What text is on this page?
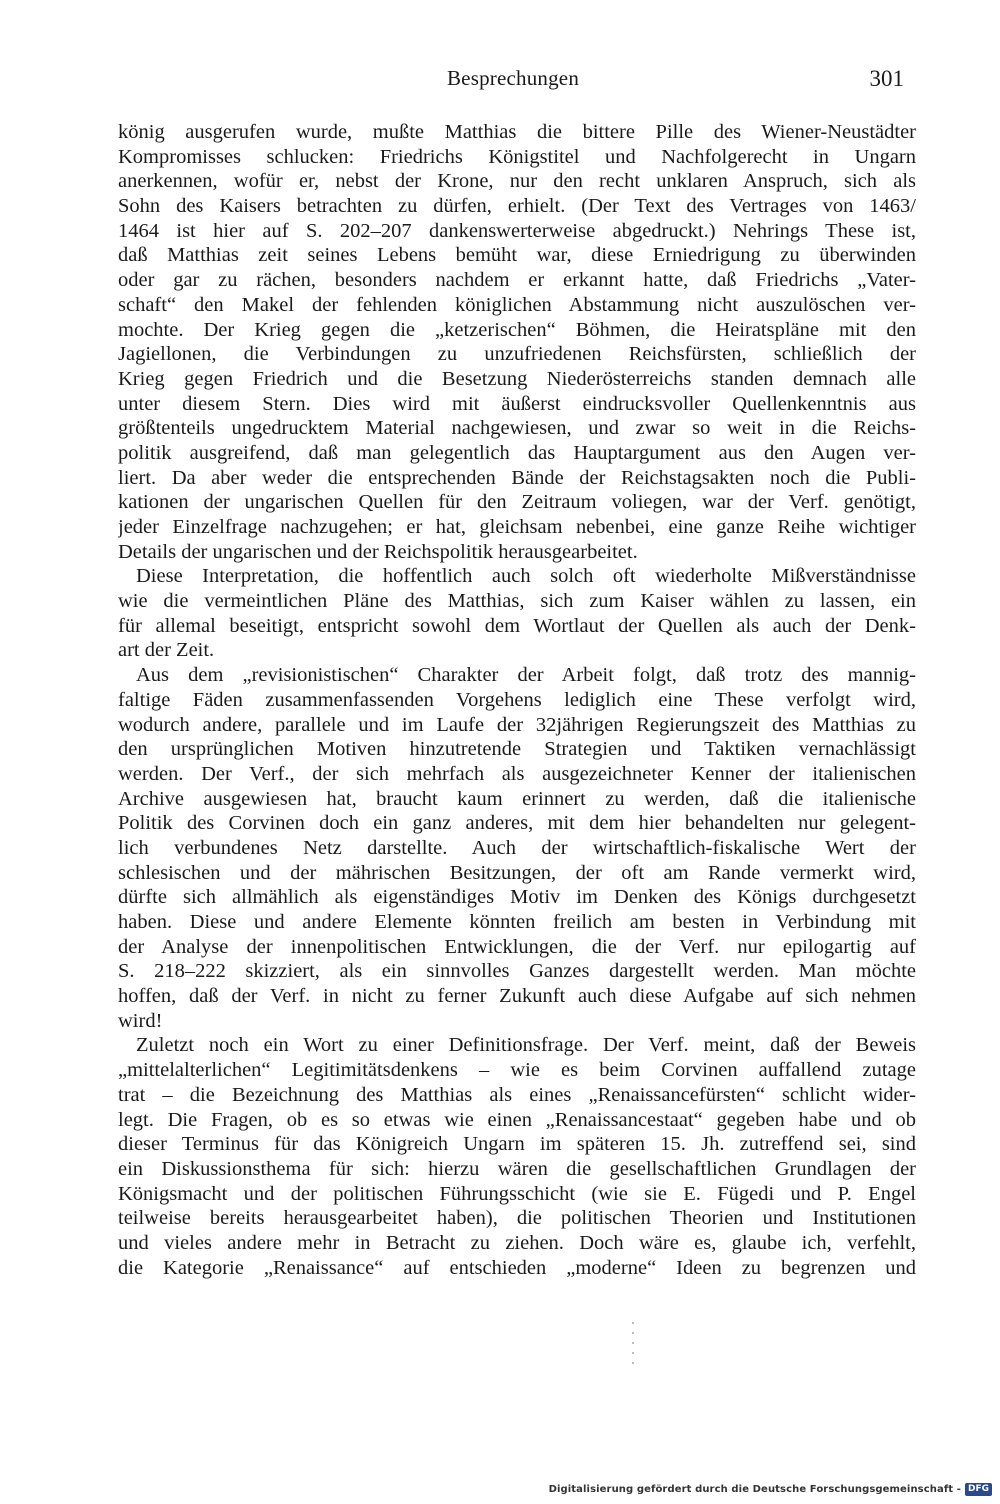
Besprechungen	301
könig ausgerufen wurde, mußte Matthias die bittere Pille des Wiener-Neustädter
Kompromisses schlucken: Friedrichs Königstitel und Nachfolgerecht in Ungarn
anerkennen, wofür er, nebst der Krone, nur den recht unklaren Anspruch, sich als
Sohn des Kaisers betrachten zu dürfen, erhielt. (Der Text des Vertrages von 1463/
1464 ist hier auf S. 202–207 dankenswerterweise abgedruckt.) Nehrings These ist,
daß Matthias zeit seines Lebens bemüht war, diese Erniedrigung zu überwinden
oder gar zu rächen, besonders nachdem er erkannt hatte, daß Friedrichs „Vater-
schaft“ den Makel der fehlenden königlichen Abstammung nicht auszulöschen ver-
mochte. Der Krieg gegen die „ketzerischen“ Böhmen, die Heiratspläne mit den
Jagiellonen, die Verbindungen zu unzufriedenen Reichsfürsten, schließlich der
Krieg gegen Friedrich und die Besetzung Niederösterreichs standen demnach alle
unter diesem Stern. Dies wird mit äußerst eindrucksvoller Quellenkenntnis aus
größtenteils ungedrucktem Material nachgewiesen, und zwar so weit in die Reichs-
politik ausgreifend, daß man gelegentlich das Hauptargument aus den Augen ver-
liert. Da aber weder die entsprechenden Bände der Reichstagsakten noch die Publi-
kationen der ungarischen Quellen für den Zeitraum voliegen, war der Verf. genötigt,
jeder Einzelfrage nachzugehen; er hat, gleichsam nebenbei, eine ganze Reihe wichtiger
Details der ungarischen und der Reichspolitik herausgearbeitet.
Diese Interpretation, die hoffentlich auch solch oft wiederholte Mißverständnisse
wie die vermeintlichen Pläne des Matthias, sich zum Kaiser wählen zu lassen, ein
für allemal beseitigt, entspricht sowohl dem Wortlaut der Quellen als auch der Denk-
art der Zeit.
Aus dem „revisionistischen“ Charakter der Arbeit folgt, daß trotz des mannig-
faltige Fäden zusammenfassenden Vorgehens lediglich eine These verfolgt wird,
wodurch andere, parallele und im Laufe der 32jährigen Regierungszeit des Matthias zu
den ursprünglichen Motiven hinzutretende Strategien und Taktiken vernachlässigt
werden. Der Verf., der sich mehrfach als ausgezeichneter Kenner der italienischen
Archive ausgewiesen hat, braucht kaum erinnert zu werden, daß die italienische
Politik des Corvinen doch ein ganz anderes, mit dem hier behandelten nur gelegent-
lich verbundenes Netz darstellte. Auch der wirtschaftlich-fiskalische Wert der
schlesischen und der mährischen Besitzungen, der oft am Rande vermerkt wird,
dürfte sich allmählich als eigenständiges Motiv im Denken des Königs durchgesetzt
haben. Diese und andere Elemente könnten freilich am besten in Verbindung mit
der Analyse der innenpolitischen Entwicklungen, die der Verf. nur epilogartig auf
S. 218–222 skizziert, als ein sinnvolles Ganzes dargestellt werden. Man möchte
hoffen, daß der Verf. in nicht zu ferner Zukunft auch diese Aufgabe auf sich nehmen
wird!
Zuletzt noch ein Wort zu einer Definitionsfrage. Der Verf. meint, daß der Beweis
„mittelalterlichen“ Legitimitätsdenkens – wie es beim Corvinen auffallend zutage
trat – die Bezeichnung des Matthias als eines „Renaissancefürsten“ schlicht wider-
legt. Die Fragen, ob es so etwas wie einen „Renaissancestaat“ gegeben habe und ob
dieser Terminus für das Königreich Ungarn im späteren 15. Jh. zutreffend sei, sind
ein Diskussionsthema für sich: hierzu wären die gesellschaftlichen Grundlagen der
Königsmacht und der politischen Führungsschicht (wie sie E. Fügedi und P. Engel
teilweise bereits herausgearbeitet haben), die politischen Theorien und Institutionen
und vieles andere mehr in Betracht zu ziehen. Doch wäre es, glaube ich, verfehlt,
die Kategorie „Renaissance“ auf entschieden „moderne“ Ideen zu begrenzen und
Digitalisierung gefördert durch die Deutsche Forschungsgemeinschaft - DFG
